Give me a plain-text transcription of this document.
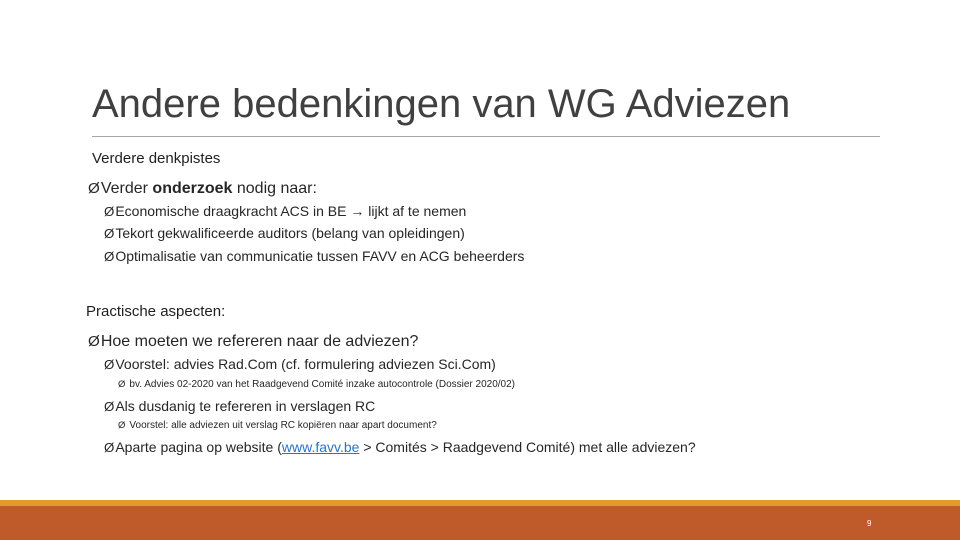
Andere bedenkingen van WG Adviezen
Verdere denkpistes
ØVerder onderzoek nodig naar:
ØEconomische draagkracht ACS in BE → lijkt af te nemen
ØTekort gekwalificeerde auditors (belang van opleidingen)
ØOptimalisatie van communicatie tussen FAVV en ACG beheerders
Practische aspecten:
ØHoe moeten we refereren naar de adviezen?
ØVoorstel: advies Rad.Com (cf. formulering adviezen Sci.Com)
Ø bv. Advies 02-2020 van het Raadgevend Comité inzake autocontrole (Dossier 2020/02)
ØAls dusdanig te refereren in verslagen RC
Ø Voorstel: alle adviezen uit verslag RC kopiëren naar apart document?
ØAparte pagina op website (www.favv.be > Comités > Raadgevend Comité) met alle adviezen?
9
